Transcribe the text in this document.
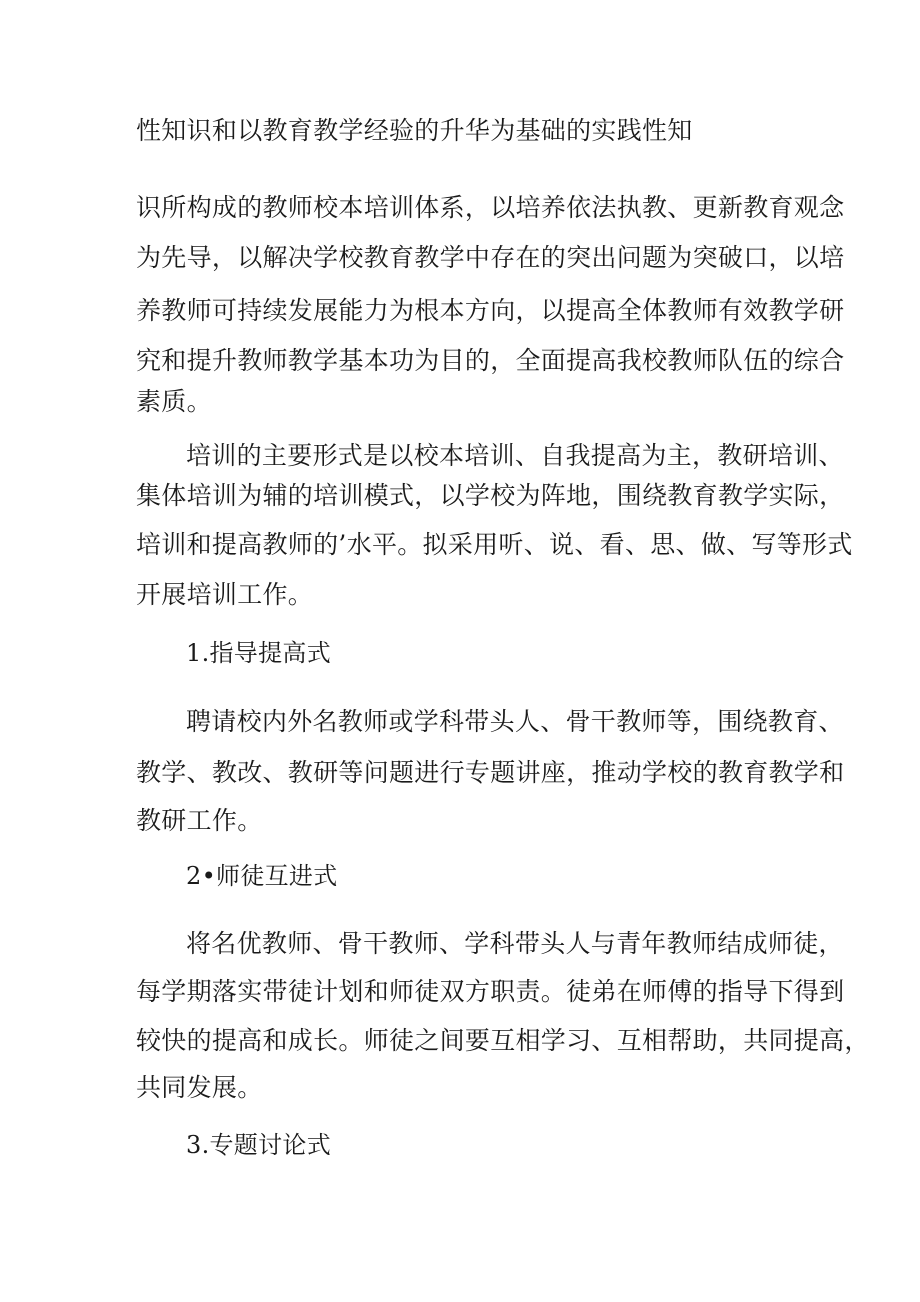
性知识和以教育教学经验的升华为基础的实践性知
识所构成的教师校本培训体系，以培养依法执教、更新教育观念
为先导，以解决学校教育教学中存在的突出问题为突破口，以培
养教师可持续发展能力为根本方向，以提高全体教师有效教学研
究和提升教师教学基本功为目的，全面提高我校教师队伍的综合
素质。
培训的主要形式是以校本培训、自我提高为主，教研培训、
集体培训为辅的培训模式，以学校为阵地，围绕教育教学实际，
培训和提高教师的’水平。拟采用听、说、看、思、做、写等形式
开展培训工作。
1.指导提高式
聘请校内外名教师或学科带头人、骨干教师等，围绕教育、
教学、教改、教研等问题进行专题讲座，推动学校的教育教学和
教研工作。
2•师徒互进式
将名优教师、骨干教师、学科带头人与青年教师结成师徒，
每学期落实带徒计划和师徒双方职责。徒弟在师傅的指导下得到
较快的提高和成长。师徒之间要互相学习、互相帮助，共同提高，
共同发展。
3.专题讨论式
